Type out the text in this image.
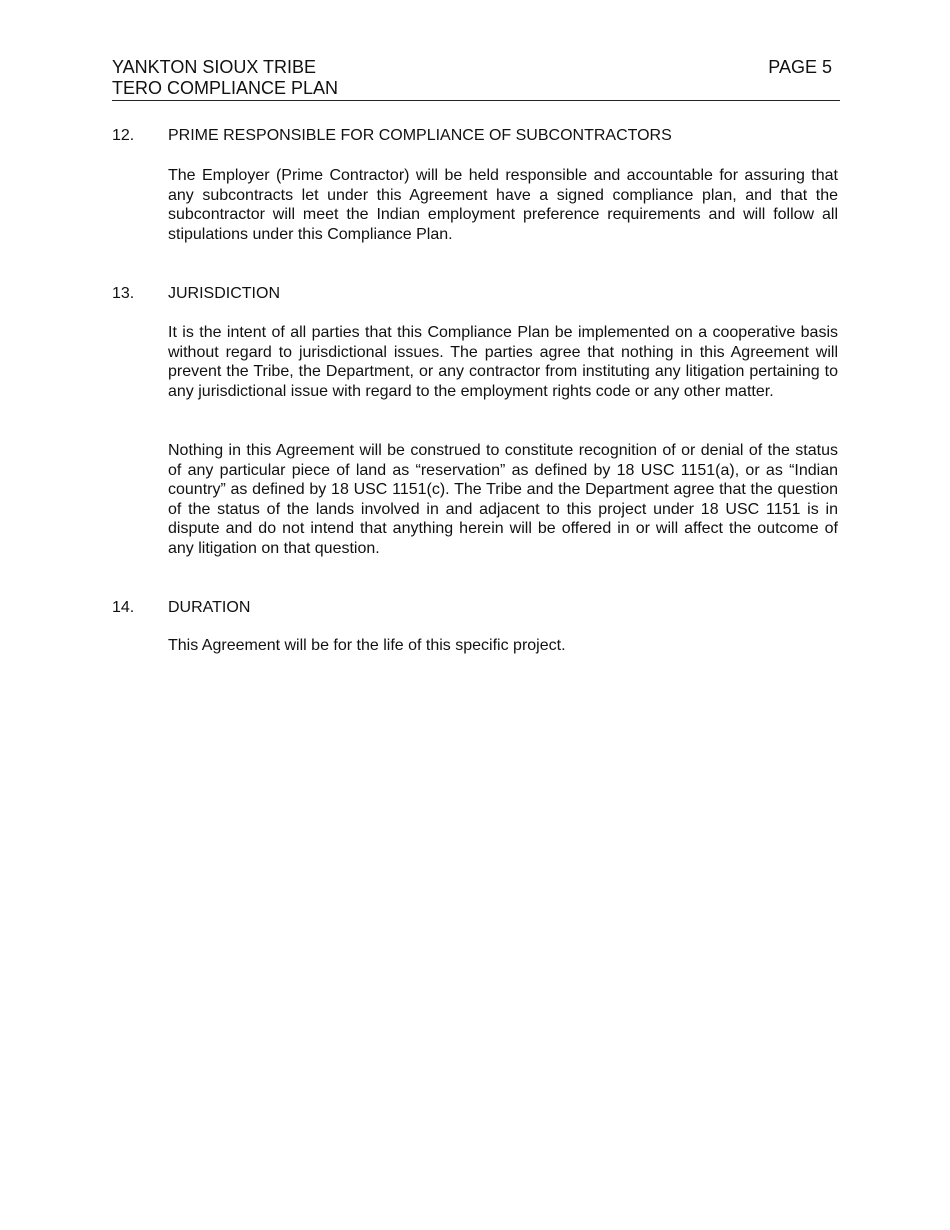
YANKTON SIOUX TRIBE
TERO COMPLIANCE PLAN
PAGE 5
12. PRIME RESPONSIBLE FOR COMPLIANCE OF SUBCONTRACTORS
The Employer (Prime Contractor) will be held responsible and accountable for assuring that any subcontracts let under this Agreement have a signed compliance plan, and that the subcontractor will meet the Indian employment preference requirements and will follow all stipulations under this Compliance Plan.
13. JURISDICTION
It is the intent of all parties that this Compliance Plan be implemented on a cooperative basis without regard to jurisdictional issues. The parties agree that nothing in this Agreement will prevent the Tribe, the Department, or any contractor from instituting any litigation pertaining to any jurisdictional issue with regard to the employment rights code or any other matter.
Nothing in this Agreement will be construed to constitute recognition of or denial of the status of any particular piece of land as “reservation” as defined by 18 USC 1151(a), or as “Indian country” as defined by 18 USC 1151(c). The Tribe and the Department agree that the question of the status of the lands involved in and adjacent to this project under 18 USC 1151 is in dispute and do not intend that anything herein will be offered in or will affect the outcome of any litigation on that question.
14. DURATION
This Agreement will be for the life of this specific project.
